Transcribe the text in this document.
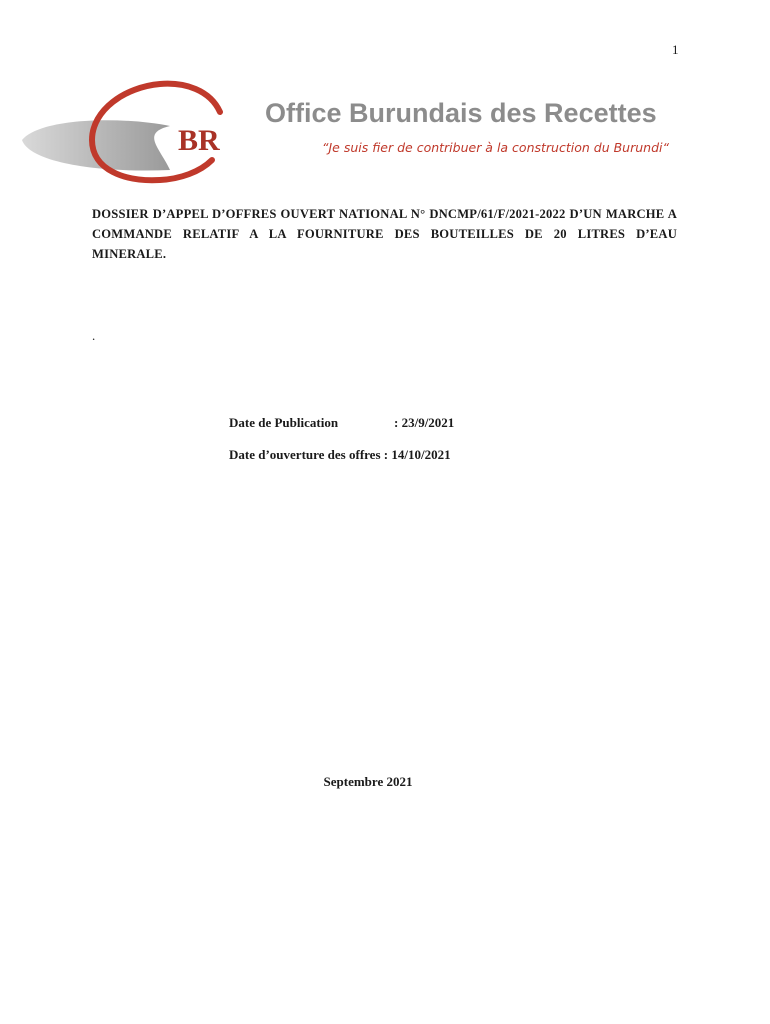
1
BR
Office Burundais des Recettes
“Je suis fier de contribuer à la construction du Burundi“
DOSSIER D’APPEL D’OFFRES OUVERT NATIONAL N° DNCMP/61/F/2021-2022 D’UN MARCHE A COMMANDE RELATIF A LA FOURNITURE DES BOUTEILLES DE 20 LITRES D’EAU MINERALE.
.
Date de Publication	: 23/9/2021
Date d’ouverture des offres : 14/10/2021
Septembre 2021
